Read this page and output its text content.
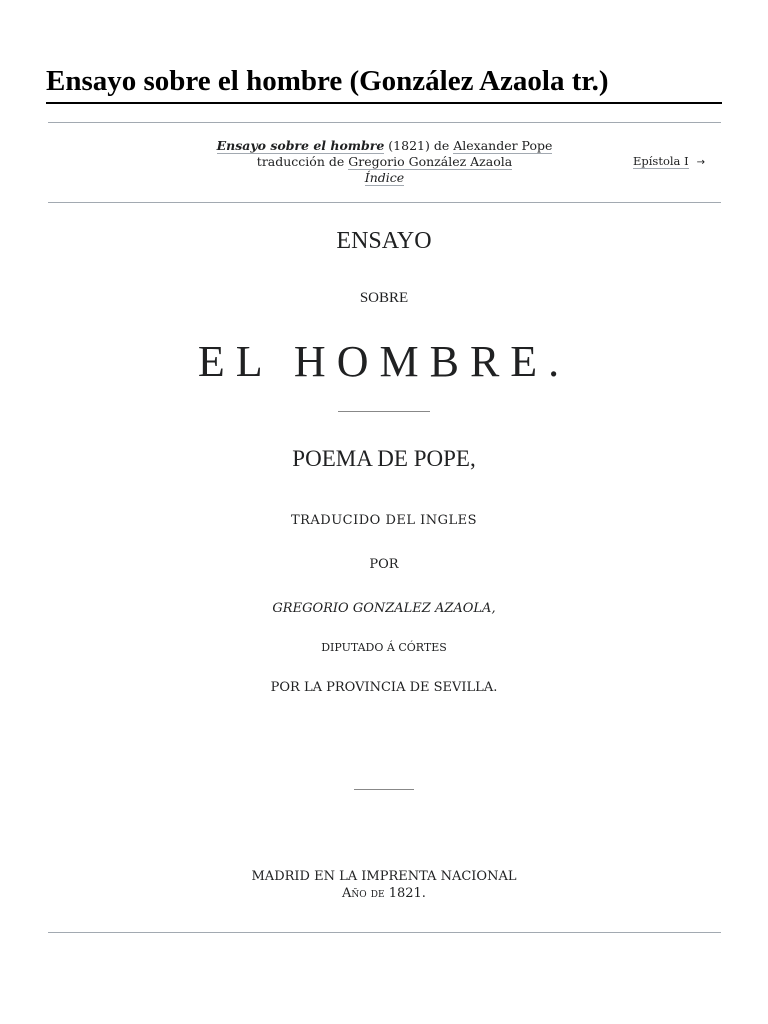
Ensayo sobre el hombre (González Azaola tr.)
Ensayo sobre el hombre (1821) de Alexander Pope
traducción de Gregorio González Azaola
Índice
Epístola I →
ENSAYO
SOBRE
EL HOMBRE.
POEMA DE POPE,
TRADUCIDO DEL INGLES
POR
GREGORIO GONZALEZ AZAOLA,
DIPUTADO Á CÓRTES
POR LA PROVINCIA DE SEVILLA.
MADRID EN LA IMPRENTA NACIONAL
Año de 1821.
